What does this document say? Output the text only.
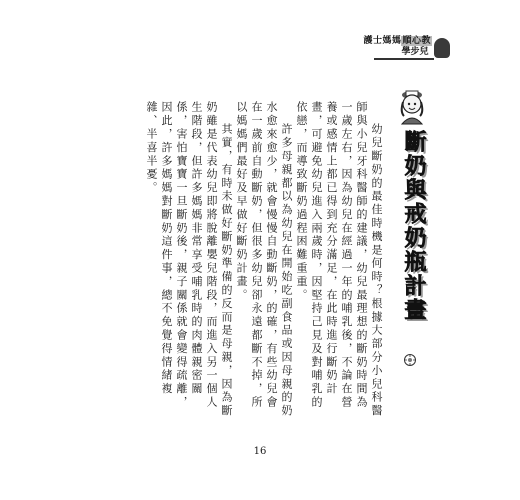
護士媽媽順心教
學步兒
斷奶與戒奶瓶計畫

幼兒斷奶的最佳時機是何時？根據大部分小兒科醫師與小兒牙科醫師的建議，幼兒最理想的斷奶時間為一歲左右，因為幼兒在經過一年的哺乳後，不論在營養或感情上都已得到充分滿足，在此時進行斷奶計畫，可避免幼兒進入兩歲時，因堅持己見及對哺乳的依戀，而導致斷奶過程困難重重。

許多母親都以為幼兒在開始吃副食品或因母親的奶水愈來愈少，就會慢慢自動斷奶，的確，有些幼兒會在一歲前自動斷奶，但很多幼兒卻永遠都斷不掉，所以媽媽們最好及早做好斷奶計畫。

其實，有時未做好斷奶準備的反而是母親，因為斷奶雖是代表幼兒即將脫離嬰兒階段，而進入另一個人生階段，但許多媽媽非常享受哺乳時的肉體親密關係，害怕寶寶一旦斷奶後，親子關係就會變得疏離，因此，許多媽媽對斷奶這件事，總不免覺得情緒複雜、半喜半憂。

16
